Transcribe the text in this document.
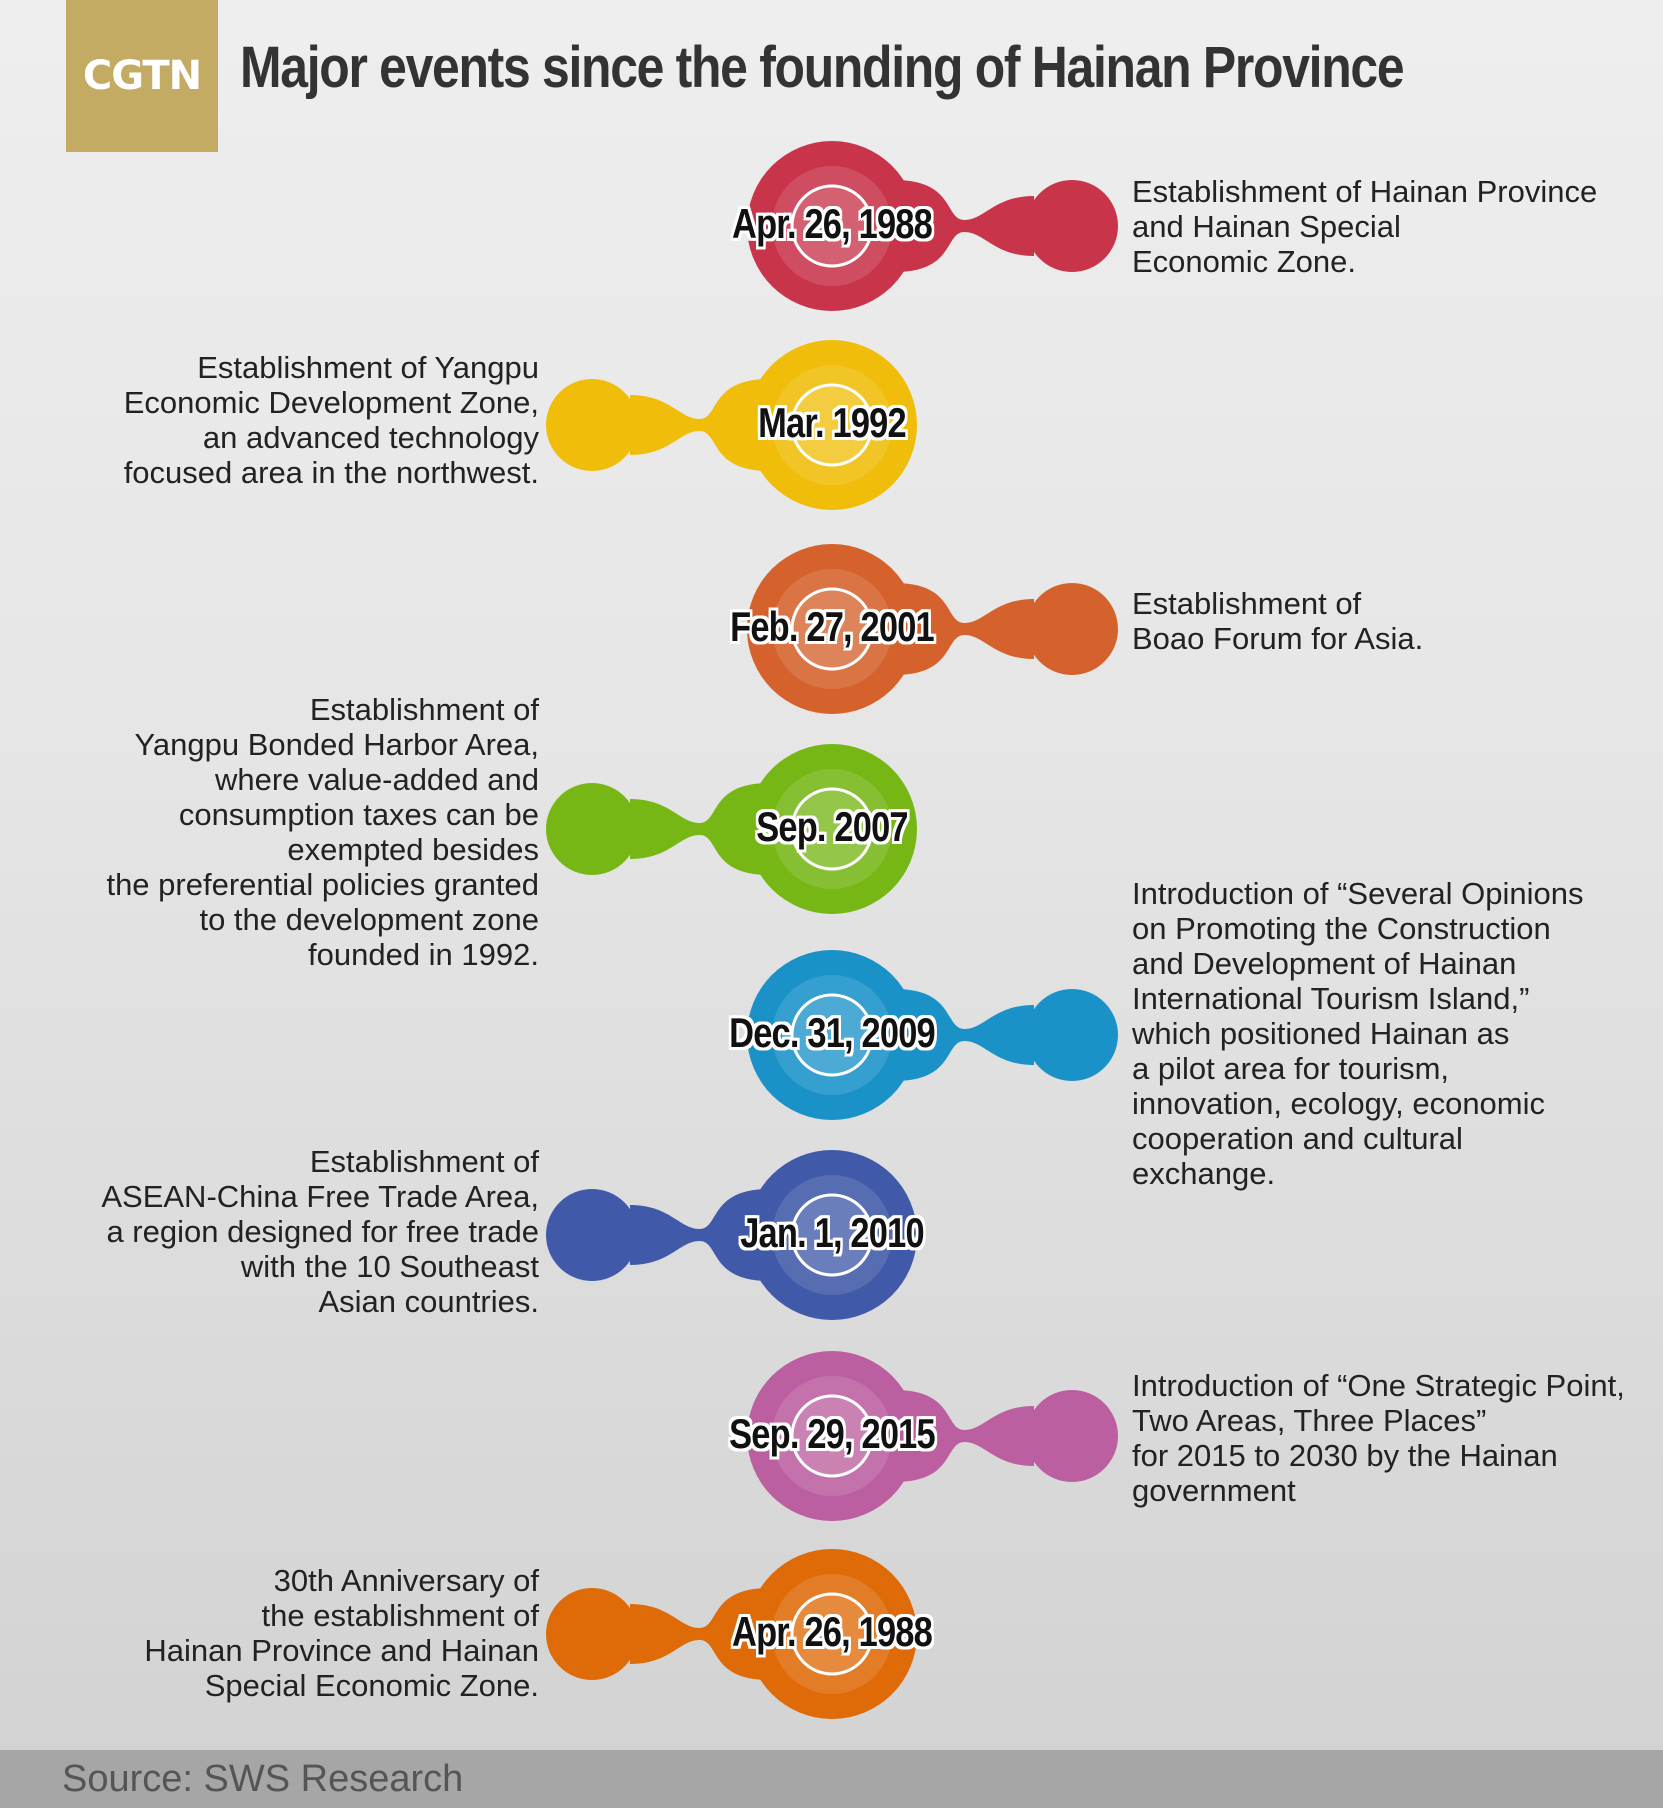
CGTN Major events since the founding of Hainan Province
Apr. 26, 1988
Establishment of Hainan Province
and Hainan Special
Economic Zone.
Mar. 1992
Establishment of Yangpu
Economic Development Zone,
an advanced technology
focused area in the northwest.
Feb. 27, 2001	Establishment of
Boao Forum for Asia.
Sep. 2007
Establishment of
Yangpu Bonded Harbor Area,
where value-added and
consumption taxes can be
exempted besides
the preferential policies granted
to the development zone
founded in 1992.
Dec. 31, 2009
Introduction of “Several Opinions
on Promoting the Construction
and Development of Hainan
International Tourism Island,”
which positioned Hainan as
a pilot area for tourism,
innovation, ecology, economic
cooperation and cultural
exchange.
Jan. 1, 2010
Establishment of
ASEAN-China Free Trade Area,
a region designed for free trade
with the 10 Southeast
Asian countries.
Sep. 29, 2015
Introduction of “One Strategic Point,
Two Areas, Three Places”
for 2015 to 2030 by the Hainan
government
Apr. 26, 1988
30th Anniversary of
the establishment of
Hainan Province and Hainan
Special Economic Zone.
Source: SWS Research
